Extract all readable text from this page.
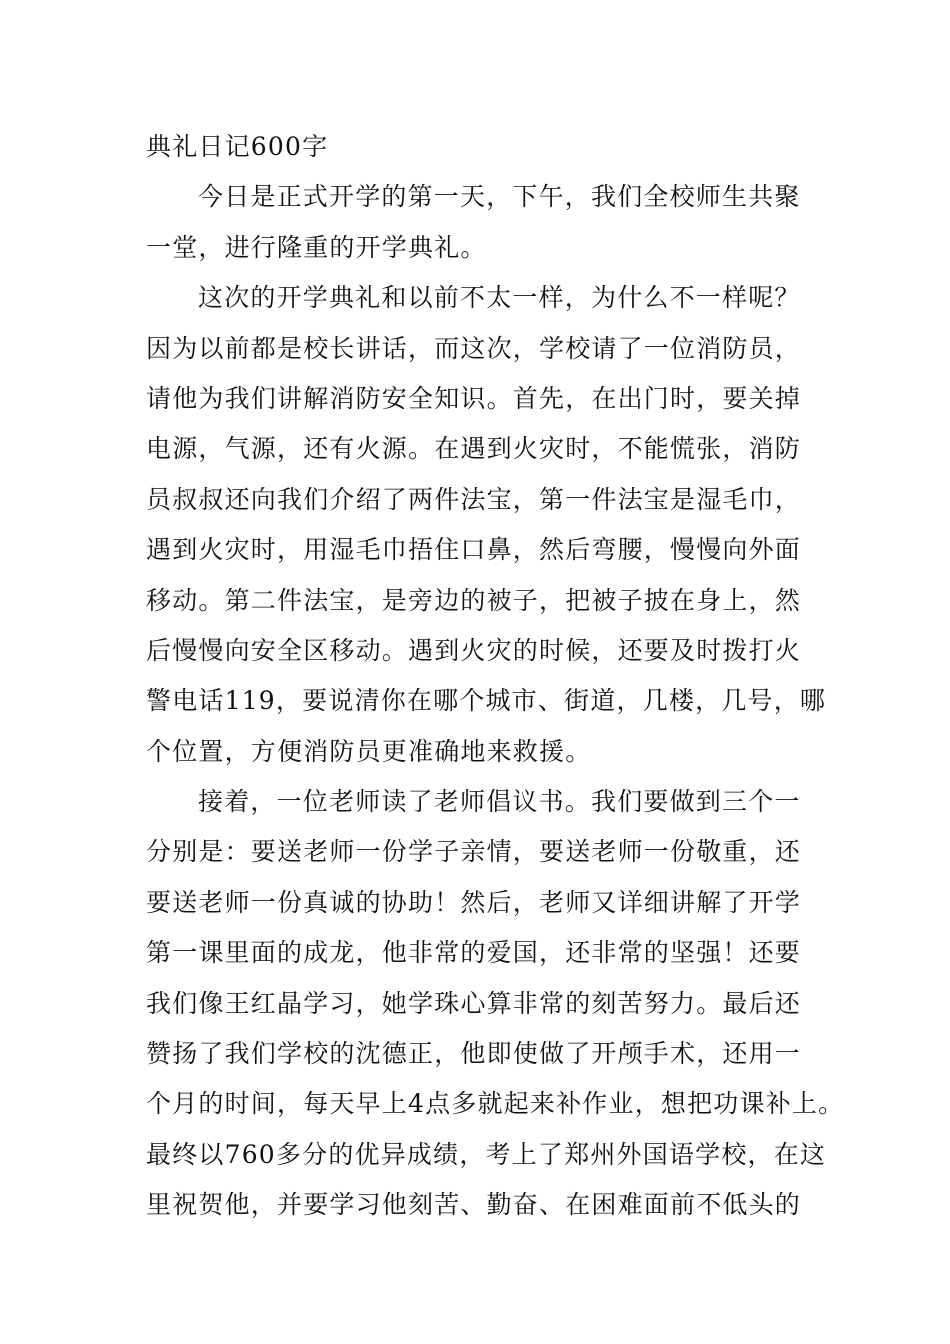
典礼日记600字
今日是正式开学的第一天，下午，我们全校师生共聚
一堂，进行隆重的开学典礼。
这次的开学典礼和以前不太一样，为什么不一样呢？
因为以前都是校长讲话，而这次，学校请了一位消防员，
请他为我们讲解消防安全知识。首先，在出门时，要关掉
电源，气源，还有火源。在遇到火灾时，不能慌张，消防
员叔叔还向我们介绍了两件法宝，第一件法宝是湿毛巾，
遇到火灾时，用湿毛巾捂住口鼻，然后弯腰，慢慢向外面
移动。第二件法宝，是旁边的被子，把被子披在身上，然
后慢慢向安全区移动。遇到火灾的时候，还要及时拨打火
警电话119，要说清你在哪个城市、街道，几楼，几号，哪
个位置，方便消防员更准确地来救援。
接着，一位老师读了老师倡议书。我们要做到三个一
分别是：要送老师一份学子亲情，要送老师一份敬重，还
要送老师一份真诚的协助！然后，老师又详细讲解了开学
第一课里面的成龙，他非常的爱国，还非常的坚强！还要
我们像王红晶学习，她学珠心算非常的刻苦努力。最后还
赞扬了我们学校的沈德正，他即使做了开颅手术，还用一
个月的时间，每天早上4点多就起来补作业，想把功课补上。
最终以760多分的优异成绩，考上了郑州外国语学校，在这
里祝贺他，并要学习他刻苦、勤奋、在困难面前不低头的
